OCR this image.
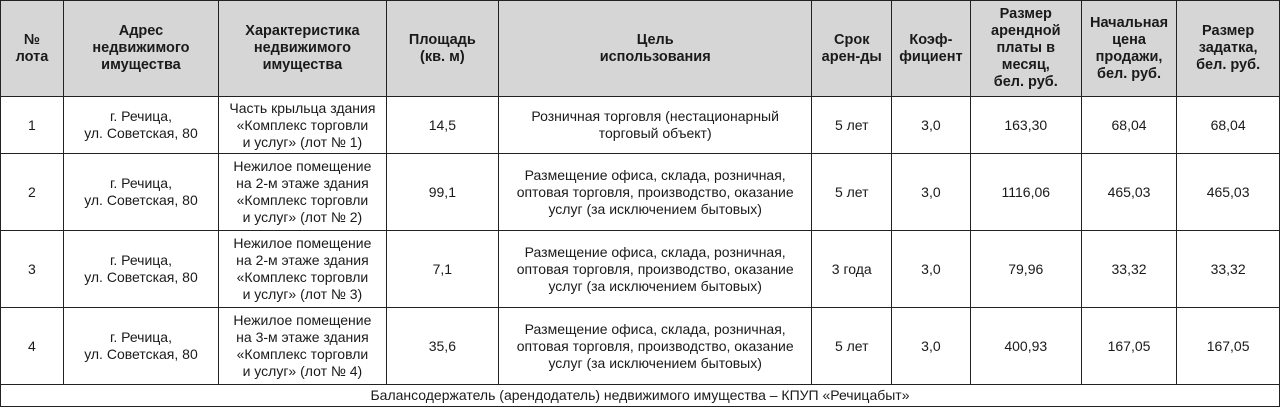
№
лота	Адрес
недвижимого
имущества	Характеристика
недвижимого
имущества	Площадь
(кв. м)	Цель
использования	Срок
арен-ды	Коэф-
фициент	Размер
арендной
платы в
месяц,
бел. руб.	Начальная
цена
продажи,
бел. руб.	Размер
задатка,
бел. руб.
1	г. Речица,
ул. Советская, 80	Часть крыльца здания
«Комплекс торговли
и услуг» (лот № 1)	14,5	Розничная торговля (нестационарный
торговый объект)	5 лет	3,0	163,30	68,04	68,04
2	г. Речица,
ул. Советская, 80	Нежилое помещение
на 2-м этаже здания
«Комплекс торговли
и услуг» (лот № 2)	99,1	Размещение офиса, склада, розничная,
оптовая торговля, производство, оказание
услуг (за исключением бытовых)	5 лет	3,0	1116,06	465,03	465,03
3	г. Речица,
ул. Советская, 80	Нежилое помещение
на 2-м этаже здания
«Комплекс торговли
и услуг» (лот № 3)	7,1	Размещение офиса, склада, розничная,
оптовая торговля, производство, оказание
услуг (за исключением бытовых)	3 года	3,0	79,96	33,32	33,32
4	г. Речица,
ул. Советская, 80	Нежилое помещение
на 3-м этаже здания
«Комплекс торговли
и услуг» (лот № 4)	35,6	Размещение офиса, склада, розничная,
оптовая торговля, производство, оказание
услуг (за исключением бытовых)	5 лет	3,0	400,93	167,05	167,05
Балансодержатель (арендодатель) недвижимого имущества – КПУП «Речицабыт»									
